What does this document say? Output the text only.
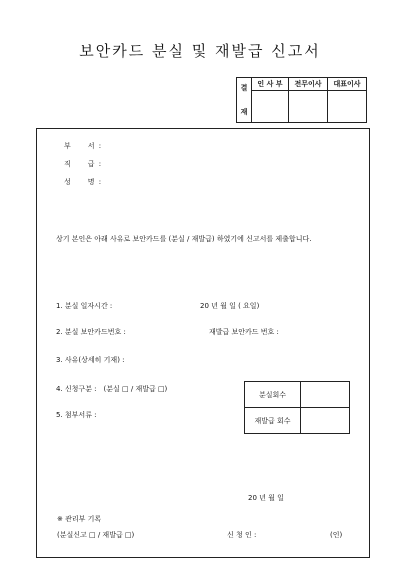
보안카드 분실 및 재발급 신고서
결
재	인 사 부	전무이사	대표이사

부　　서 :
직　　급 :
성　　명 :
상기 본인은 아래 사유로 보안카드를 (분실 / 재발급) 하였기에 신고서를 제출합니다.
1. 분실 일자시간 :	20 년 월 일 ( 요일)
2. 분실 보안카드번호 :	재발급 보안카드 번호 :
3. 사유(상세히 기재) :
4. 신청구분 :　(분실 □ / 재발급 □)
5. 첨부서류 :
분실회수	
재발급 회수	
20 년 월 일
※ 관리부 기록
(분실신고 □ / 재발급 □)	신 청 인 :	(인)
